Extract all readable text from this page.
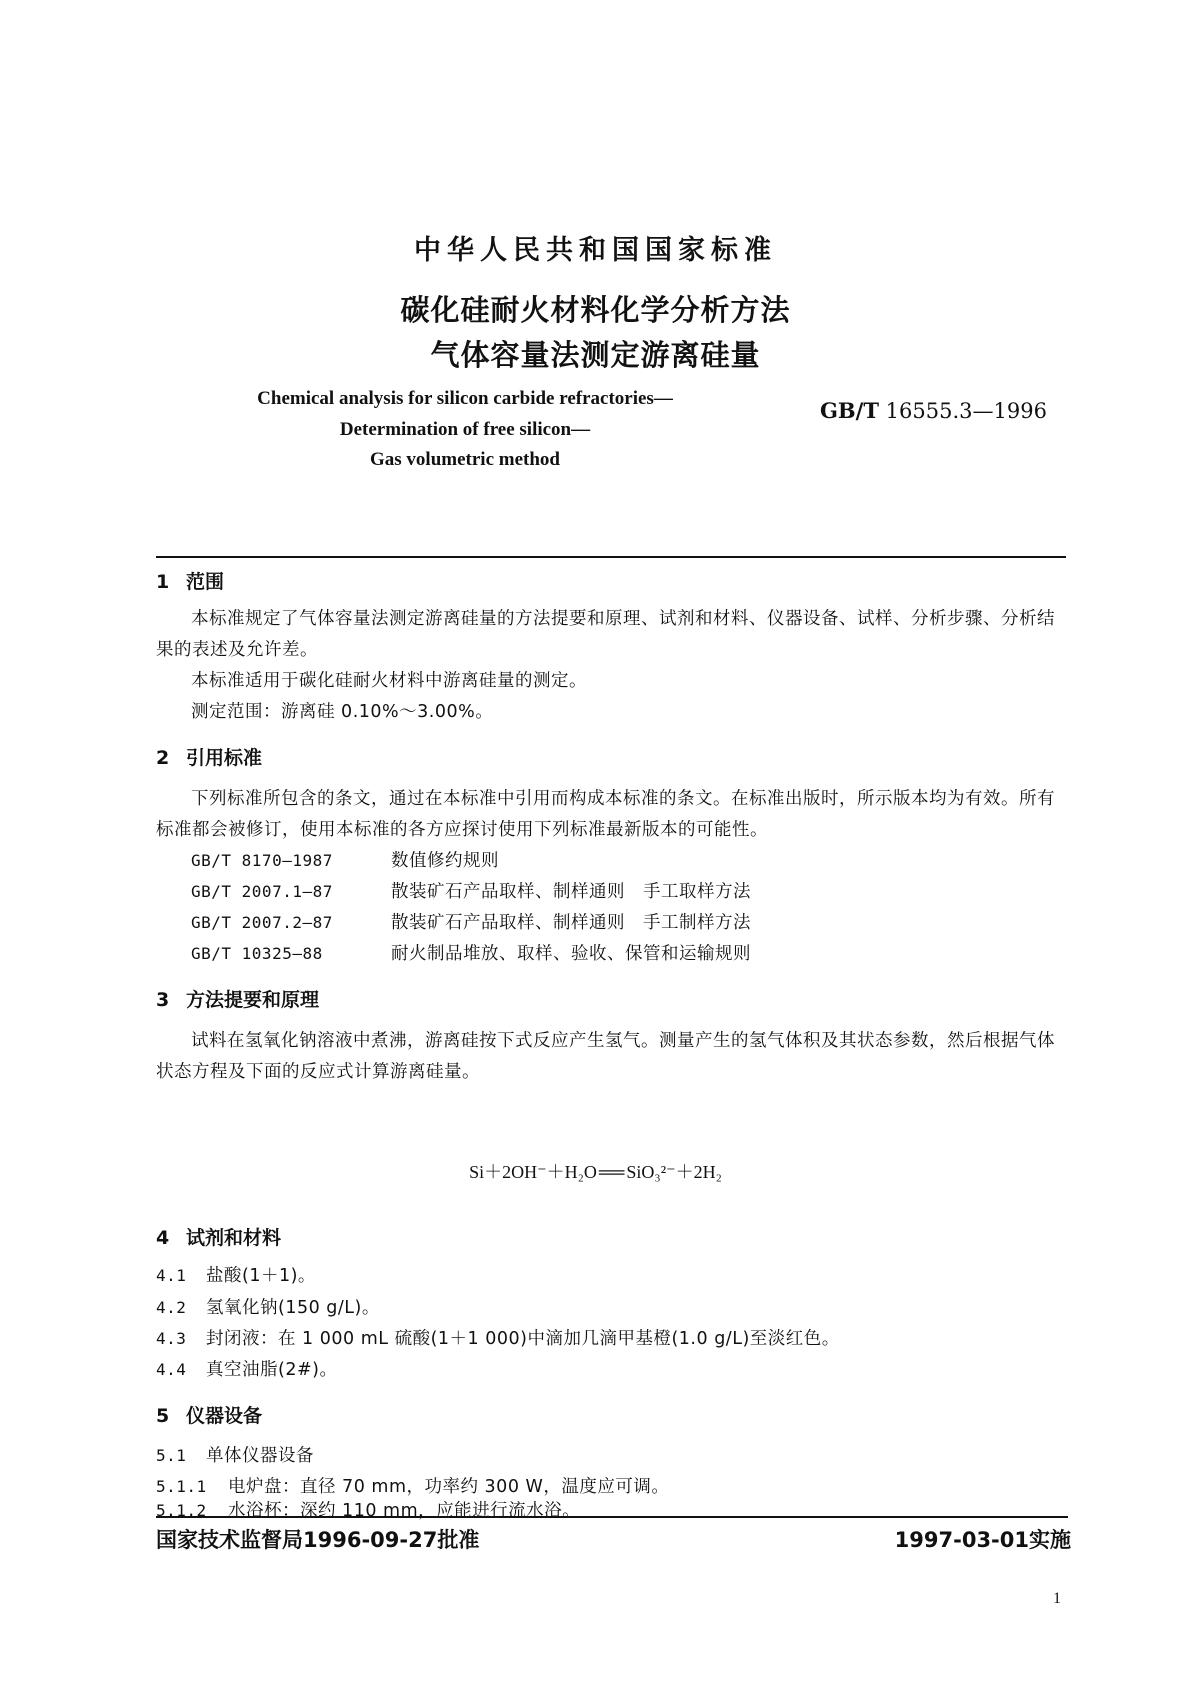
中华人民共和国国家标准
碳化硅耐火材料化学分析方法
气体容量法测定游离硅量
GB/T 16555.3—1996
Chemical analysis for silicon carbide refractories—
Determination of free silicon—
Gas volumetric method
1 范围
本标准规定了气体容量法测定游离硅量的方法提要和原理、试剂和材料、仪器设备、试样、分析步骤、分析结果的表述及允许差。
本标准适用于碳化硅耐火材料中游离硅量的测定。
测定范围：游离硅 0.10%～3.00%。
2 引用标准
下列标准所包含的条文，通过在本标准中引用而构成本标准的条文。在标准出版时，所示版本均为有效。所有标准都会被修订，使用本标准的各方应探讨使用下列标准最新版本的可能性。
GB/T 8170—1987	数值修约规则
GB/T 2007.1—87	散装矿石产品取样、制样通则　手工取样方法
GB/T 2007.2—87	散装矿石产品取样、制样通则　手工制样方法
GB/T 10325—88	耐火制品堆放、取样、验收、保管和运输规则
3 方法提要和原理
试料在氢氧化钠溶液中煮沸，游离硅按下式反应产生氢气。测量产生的氢气体积及其状态参数，然后根据气体状态方程及下面的反应式计算游离硅量。
Si＋2OH⁻＋H₂O ══ SiO₃²⁻＋2H₂
4 试剂和材料
4.1 盐酸(1＋1)。
4.2 氢氧化钠(150 g/L)。
4.3 封闭液：在 1 000 mL 硫酸(1＋1 000)中滴加几滴甲基橙(1.0 g/L)至淡红色。
4.4 真空油脂(2#)。
5 仪器设备
5.1 单体仪器设备
5.1.1 电炉盘：直径 70 mm，功率约 300 W，温度应可调。
5.1.2 水浴杯：深约 110 mm，应能进行流水浴。
国家技术监督局1996-09-27批准	1997-03-01实施
1
